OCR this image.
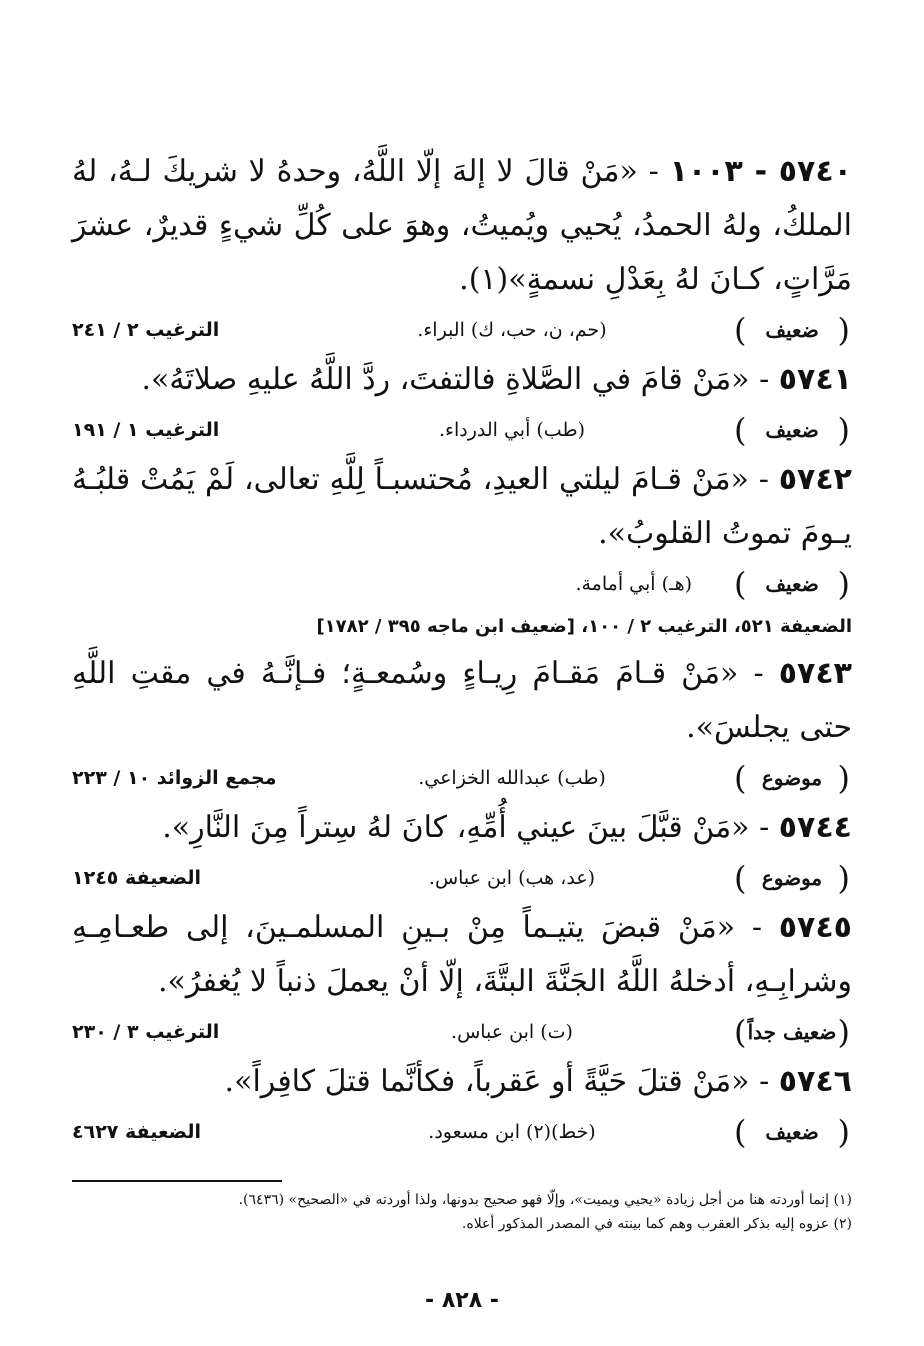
٥٧٤٠ - ١٠٠٣ - «مَنْ قالَ لا إلهَ إلّا اللَّهُ، وحدهُ لا شريكَ لـهُ، لهُ الملكُ، ولهُ الحمدُ، يُحيي ويُميتُ، وهوَ على كُلِّ شيءٍ قديرٌ، عشرَ مَرَّاتٍ، كـانَ لهُ بِعَدْلِ نسمةٍ»(١).

( ضعيف )
(حم، ن، حب، ك) البراء.
الترغيب ٢ / ٢٤١

٥٧٤١ - «مَنْ قامَ في الصَّلاةِ فالتفتَ، ردَّ اللَّهُ عليهِ صلاتَهُ».

( ضعيف )
(طب) أبي الدرداء.
الترغيب ١ / ١٩١

٥٧٤٢ - «مَنْ قـامَ ليلتي العيدِ، مُحتسبـاً لِلَّهِ تعالى، لَمْ يَمُتْ قلبُـهُ يـومَ تموتُ القلوبُ».

( ضعيف )
(هـ) أبي أمامة.
الضعيفة ٥٢١، الترغيب ٢ / ١٠٠، [ضعيف ابن ماجه ٣٩٥ / ١٧٨٢]

٥٧٤٣ - «مَنْ قـامَ مَقـامَ رِيـاءٍ وسُمعـةٍ؛ فـإنَّـهُ في مقتِ اللَّهِ حتى يجلسَ».

( موضوع )
(طب) عبدالله الخزاعي.
مجمع الزوائد ١٠ / ٢٢٣

٥٧٤٤ - «مَنْ قبَّلَ بينَ عيني أُمِّهِ، كانَ لهُ سِتراً مِنَ النَّارِ».

( موضوع )
(عد، هب) ابن عباس.
الضعيفة ١٢٤٥

٥٧٤٥ - «مَنْ قبضَ يتيـماً مِنْ بـينِ المسلمـينَ، إلى طعـامِـهِ وشرابِـهِ، أدخلهُ اللَّهُ الجَنَّةَ البتَّةَ، إلّا أنْ يعملَ ذنباً لا يُغفرُ».

( ضعيف جداً )
(ت) ابن عباس.
الترغيب ٣ / ٢٣٠

٥٧٤٦ - «مَنْ قتلَ حَيَّةً أو عَقرباً، فكأنَّما قتلَ كافِراً».

( ضعيف )
(خط)(٢) ابن مسعود.
الضعيفة ٤٦٢٧

(١) إنما أوردته هنا من أجل زيادة «يحيي ويميت»، وإلّا فهو صحيح بدونها، ولذا أوردته في «الصحيح» (٦٤٣٦).

(٢) عزوه إليه بذكر العقرب وهم كما بينته في المصدر المذكور أعلاه.

- ٨٢٨ -
